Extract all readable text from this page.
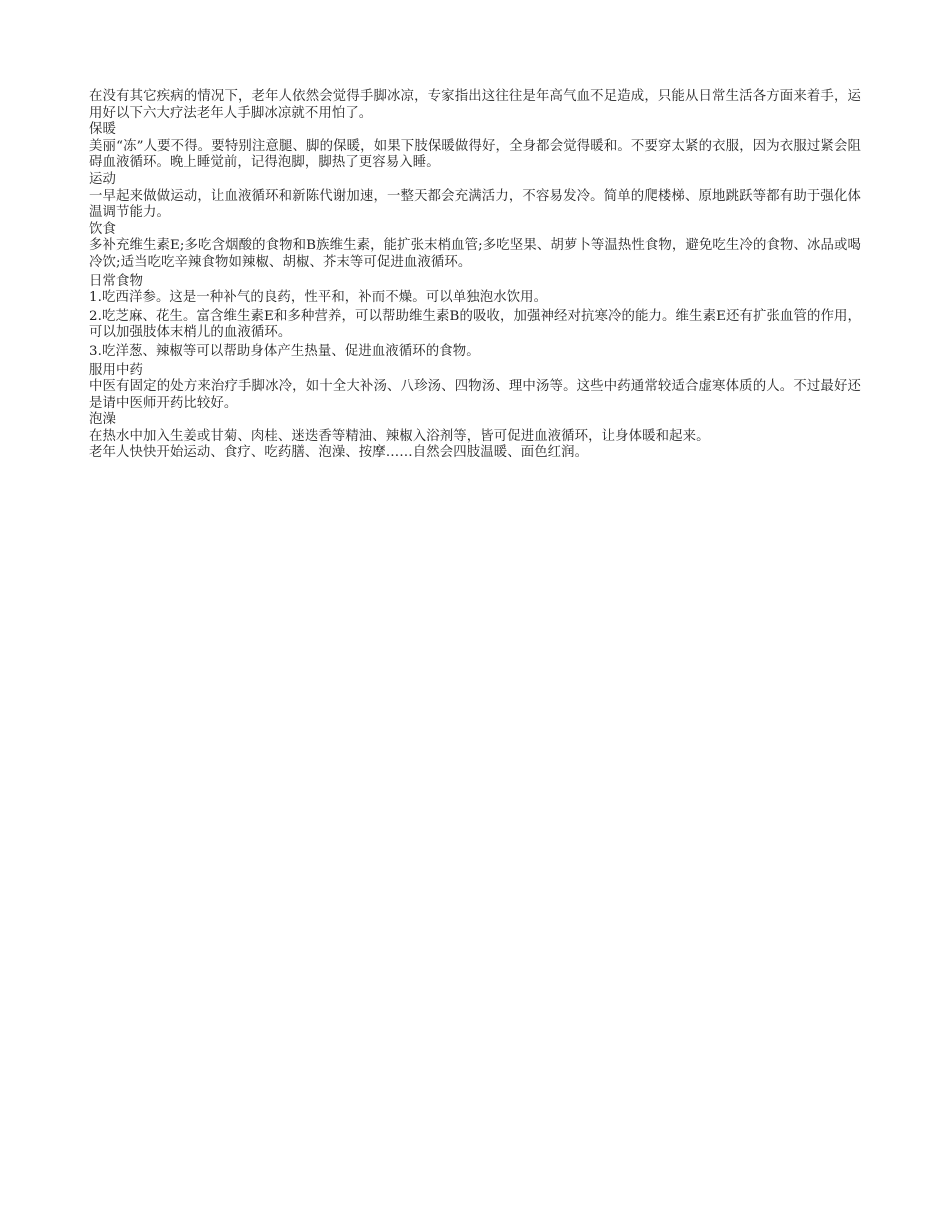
在没有其它疾病的情况下，老年人依然会觉得手脚冰凉，专家指出这往往是年高气血不足造成，只能从日常生活各方面来着手，运用好以下六大疗法老年人手脚冰凉就不用怕了。

保暖

美丽“冻”人要不得。要特别注意腿、脚的保暖，如果下肢保暖做得好，全身都会觉得暖和。不要穿太紧的衣服，因为衣服过紧会阻碍血液循环。晚上睡觉前，记得泡脚，脚热了更容易入睡。

运动

一早起来做做运动，让血液循环和新陈代谢加速，一整天都会充满活力，不容易发冷。简单的爬楼梯、原地跳跃等都有助于强化体温调节能力。

饮食

多补充维生素E;多吃含烟酸的食物和B族维生素，能扩张末梢血管;多吃坚果、胡萝卜等温热性食物，避免吃生冷的食物、冰品或喝冷饮;适当吃吃辛辣食物如辣椒、胡椒、芥末等可促进血液循环。

日常食物

1.吃西洋参。这是一种补气的良药，性平和，补而不燥。可以单独泡水饮用。

2.吃芝麻、花生。富含维生素E和多种营养，可以帮助维生素B的吸收，加强神经对抗寒冷的能力。维生素E还有扩张血管的作用，可以加强肢体末梢儿的血液循环。

3.吃洋葱、辣椒等可以帮助身体产生热量、促进血液循环的食物。

服用中药

中医有固定的处方来治疗手脚冰冷，如十全大补汤、八珍汤、四物汤、理中汤等。这些中药通常较适合虚寒体质的人。不过最好还是请中医师开药比较好。

泡澡

在热水中加入生姜或甘菊、肉桂、迷迭香等精油、辣椒入浴剂等，皆可促进血液循环，让身体暖和起来。

老年人快快开始运动、食疗、吃药膳、泡澡、按摩……自然会四肢温暖、面色红润。
